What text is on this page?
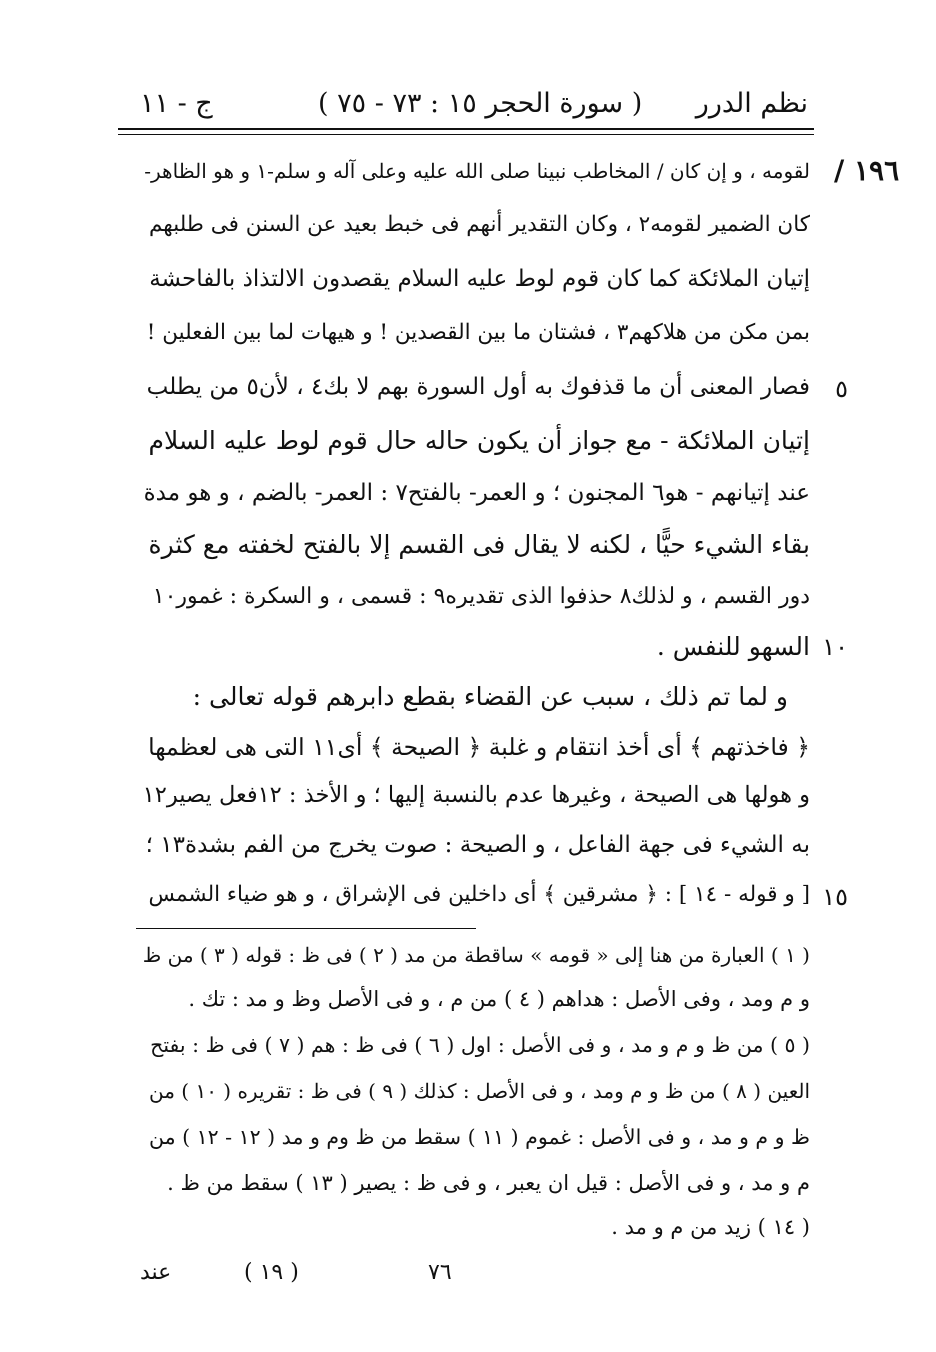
نظم الدرر
( سورة الحجر ١٥ : ٧٣ - ٧٥ )
ج - ١١
١٩٦ /
لقومه ، و إن كان / المخاطب نبينا صلى الله عليه وعلى آله و سلم-١ و هو الظاهر-
كان الضمير لقومه٢ ، وكان التقدير أنهم فى خبط بعيد عن السنن فى طلبهم
إتيان الملائكة كما كان قوم لوط عليه السلام يقصدون الالتذاذ بالفاحشة
بمن مكن من هلاكهم٣ ، فشتان ما بين القصدين ! و هيهات لما بين الفعلين !
فصار المعنى أن ما قذفوك به أول السورة بهم لا بك٤ ، لأن٥ من يطلب
إتيان الملائكة - مع جواز أن يكون حاله حال قوم لوط عليه السلام
عند إتيانهم - هو٦ المجنون ؛ و العمر- بالفتح٧ : العمر- بالضم ، و هو مدة
بقاء الشيء حيًّا ، لكنه لا يقال فى القسم إلا بالفتح لخفته مع كثرة
دور القسم ، و لذلك٨ حذفوا الذى تقديره٩ : قسمى ، و السكرة : غمور١٠
السهو للنفس .
و لما تم ذلك ، سبب عن القضاء بقطع دابرهم قوله تعالى :
﴿ فاخذتهم ﴾ أى أخذ انتقام و غلبة ﴿ الصيحة ﴾ أى١١ التى هى لعظمها
و هولها هى الصيحة ، وغيرها عدم بالنسبة إليها ؛ و الأخذ : ١٢فعل يصير١٢
به الشيء فى جهة الفاعل ، و الصيحة : صوت يخرج من الفم بشدة١٣ ؛
[ و قوله - ١٤ ] : ﴿ مشرقين ﴾ أى داخلين فى الإشراق ، و هو ضياء الشمس
٥
١٠
١٥
( ١ ) العبارة من هنا إلى « قومه » ساقطة من مد ( ٢ ) فى ظ : قوله ( ٣ ) من ظ
و م ومد ، وفى الأصل : هداهم ( ٤ ) من م ، و فى الأصل وظ و مد : تك .
( ٥ ) من ظ و م و مد ، و فى الأصل : اول ( ٦ ) فى ظ : هم ( ٧ ) فى ظ : بفتح
العين ( ٨ ) من ظ و م ومد ، و فى الأصل : كذلك ( ٩ ) فى ظ : تقريره ( ١٠ ) من
ظ و م و مد ، و فى الأصل : غموم ( ١١ ) سقط من ظ وم و مد ( ١٢ - ١٢ ) من
م و مد ، و فى الأصل : قيل ان يعبر ، و فى ظ : يصير ( ١٣ ) سقط من ظ .
( ١٤ ) زيد من م و مد .
عند	( ١٩ )	٧٦
